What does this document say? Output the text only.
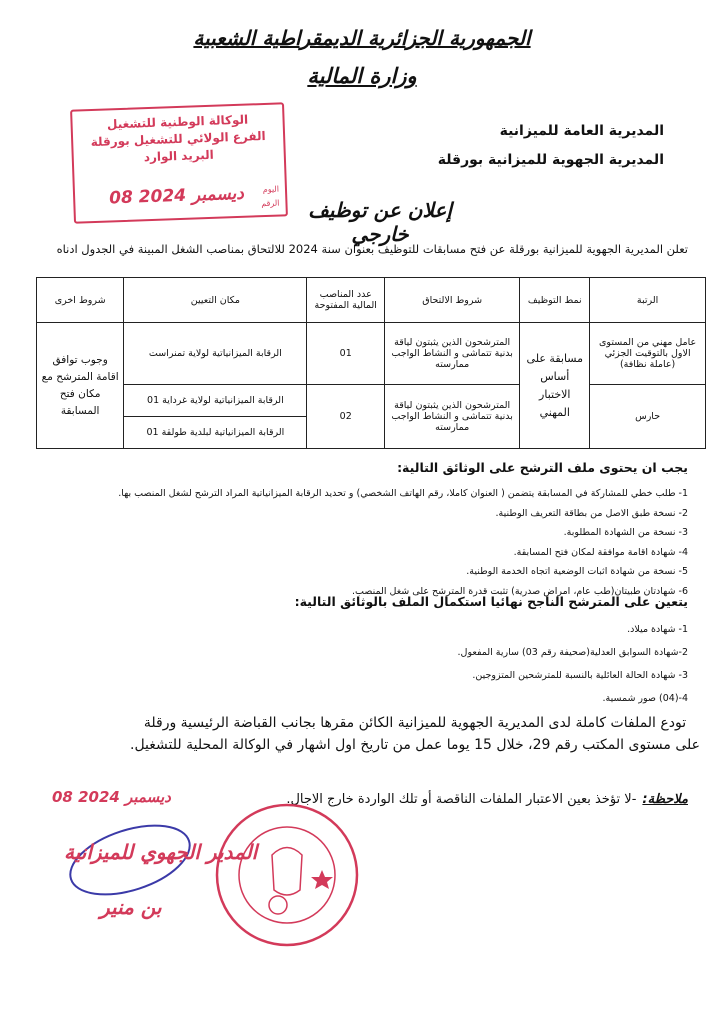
الجمهورية الجزائرية الديمقراطية الشعبية
وزارة المالية
المديرية العامة للميزانية
المديرية الجهوية للميزانية بورقلة
الوكالة الوطنية للتشغيل
الفرع الولائي للتشغيل بورقلة
البريد الوارد
08 ديسمبر 2024 اليوم
الرقم	إعلان عن توظيف خارجي
تعلن المديرية الجهوية للميزانية بورقلة عن فتح مسابقات للتوظيف بعنوان سنة 2024 للالتحاق بمناصب الشغل المبينة في الجدول ادناه
الرتبة	نمط التوظيف	شروط الالتحاق	عدد المناصب المالية المفتوحة	مكان التعيين	شروط اخرى
عامل مهني من المستوى الاول بالتوقيت الجزئي (عاملة نظافة)	مسابقة على أساس الاختبار المهني	المترشحون الذين يثبتون لياقة بدنية تتماشى و النشاط الواجب ممارسته	01	الرقابة الميزانياتية لولاية تمنراست	وجوب توافق اقامة المترشح مع مكان فتح المسابقة
حارس		المترشحون الذين يثبتون لياقة بدنية تتماشى و النشاط الواجب ممارسته	02	الرقابة الميزانياتية لولاية غرداية 01	
				الرقابة الميزانياتية لبلدية طولقة 01	
يجب ان يحتوى ملف الترشح على الوثائق التالية:
1- طلب خطي للمشاركة في المسابقة يتضمن ( العنوان كاملا، رقم الهاتف الشخصي) و تحديد الرقابة الميزانياتية المراد الترشح لشغل المنصب بها.
2- نسخة طبق الاصل من بطاقة التعريف الوطنية.
3- نسخة من الشهادة المطلوبة.
4- شهادة اقامة موافقة لمكان فتح المسابقة.
5- نسخة من شهادة اثبات الوضعية اتجاه الخدمة الوطنية.
6- شهادتان طبيتان(طب عام، امراض صدرية) تثبت قدرة المترشح على شغل المنصب.
يتعين على المترشح الناجح نهائيا استكمال الملف بالوثائق التالية:
1- شهادة ميلاد.
2-شهادة السوابق العدلية(صحيفة رقم 03) سارية المفعول.
3- شهادة الحالة العائلية بالنسبة للمترشحين المتزوجين.
4-(04) صور شمسية.
تودع الملفات كاملة لدى المديرية الجهوية للميزانية الكائن مقرها بجانب القباضة الرئيسية ورقلة على مستوى المكتب رقم 29، خلال 15 يوما عمل من تاريخ اول اشهار في الوكالة المحلية للتشغيل.
ملاحظة:-لا تؤخذ بعين الاعتبار الملفات الناقصة أو تلك الواردة خارج الاجال.
08 ديسمبر 2024
المدير الجهوي للميزانية
بن منير
